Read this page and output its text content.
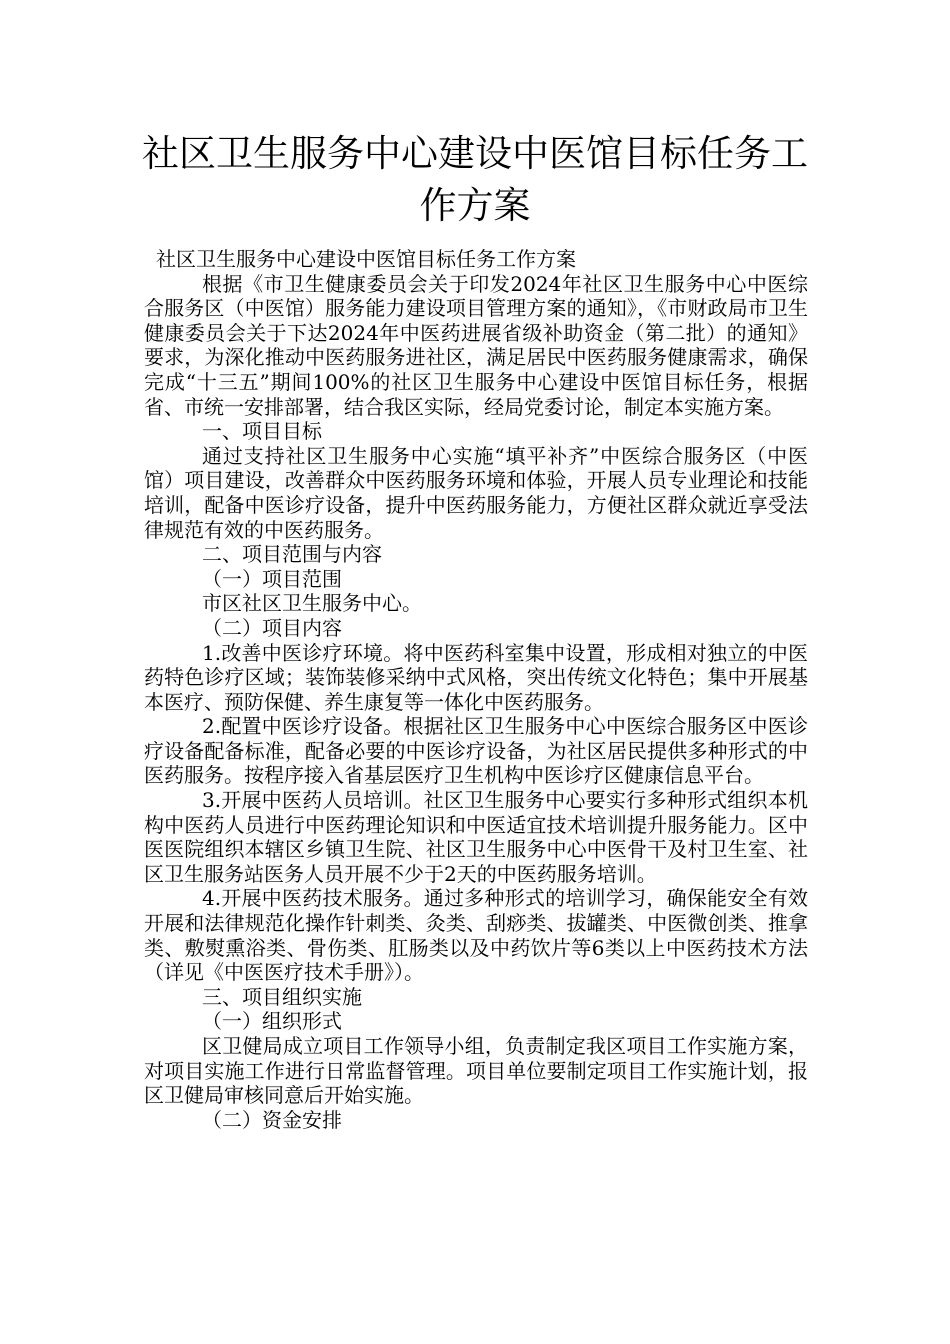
社区卫生服务中心建设中医馆目标任务工作方案

社区卫生服务中心建设中医馆目标任务工作方案

根据《市卫生健康委员会关于印发2024年社区卫生服务中心中医综合服务区（中医馆）服务能力建设项目管理方案的通知》，《市财政局市卫生健康委员会关于下达2024年中医药进展省级补助资金（第二批）的通知》要求，为深化推动中医药服务进社区，满足居民中医药服务健康需求，确保完成“十三五”期间100%的社区卫生服务中心建设中医馆目标任务，根据省、市统一安排部署，结合我区实际，经局党委讨论，制定本实施方案。

一、项目目标

通过支持社区卫生服务中心实施“填平补齐”中医综合服务区（中医馆）项目建设，改善群众中医药服务环境和体验，开展人员专业理论和技能培训，配备中医诊疗设备，提升中医药服务能力，方便社区群众就近享受法律规范有效的中医药服务。

二、项目范围与内容

（一）项目范围

市区社区卫生服务中心。

（二）项目内容

1.改善中医诊疗环境。将中医药科室集中设置，形成相对独立的中医药特色诊疗区域；装饰装修采纳中式风格，突出传统文化特色；集中开展基本医疗、预防保健、养生康复等一体化中医药服务。

2.配置中医诊疗设备。根据社区卫生服务中心中医综合服务区中医诊疗设备配备标准，配备必要的中医诊疗设备，为社区居民提供多种形式的中医药服务。按程序接入省基层医疗卫生机构中医诊疗区健康信息平台。

3.开展中医药人员培训。社区卫生服务中心要实行多种形式组织本机构中医药人员进行中医药理论知识和中医适宜技术培训提升服务能力。区中医医院组织本辖区乡镇卫生院、社区卫生服务中心中医骨干及村卫生室、社区卫生服务站医务人员开展不少于2天的中医药服务培训。

4.开展中医药技术服务。通过多种形式的培训学习，确保能安全有效开展和法律规范化操作针刺类、灸类、刮痧类、拔罐类、中医微创类、推拿类、敷熨熏浴类、骨伤类、肛肠类以及中药饮片等6类以上中医药技术方法（详见《中医医疗技术手册》）。

三、项目组织实施

（一）组织形式

区卫健局成立项目工作领导小组，负责制定我区项目工作实施方案，对项目实施工作进行日常监督管理。项目单位要制定项目工作实施计划，报区卫健局审核同意后开始实施。

（二）资金安排
